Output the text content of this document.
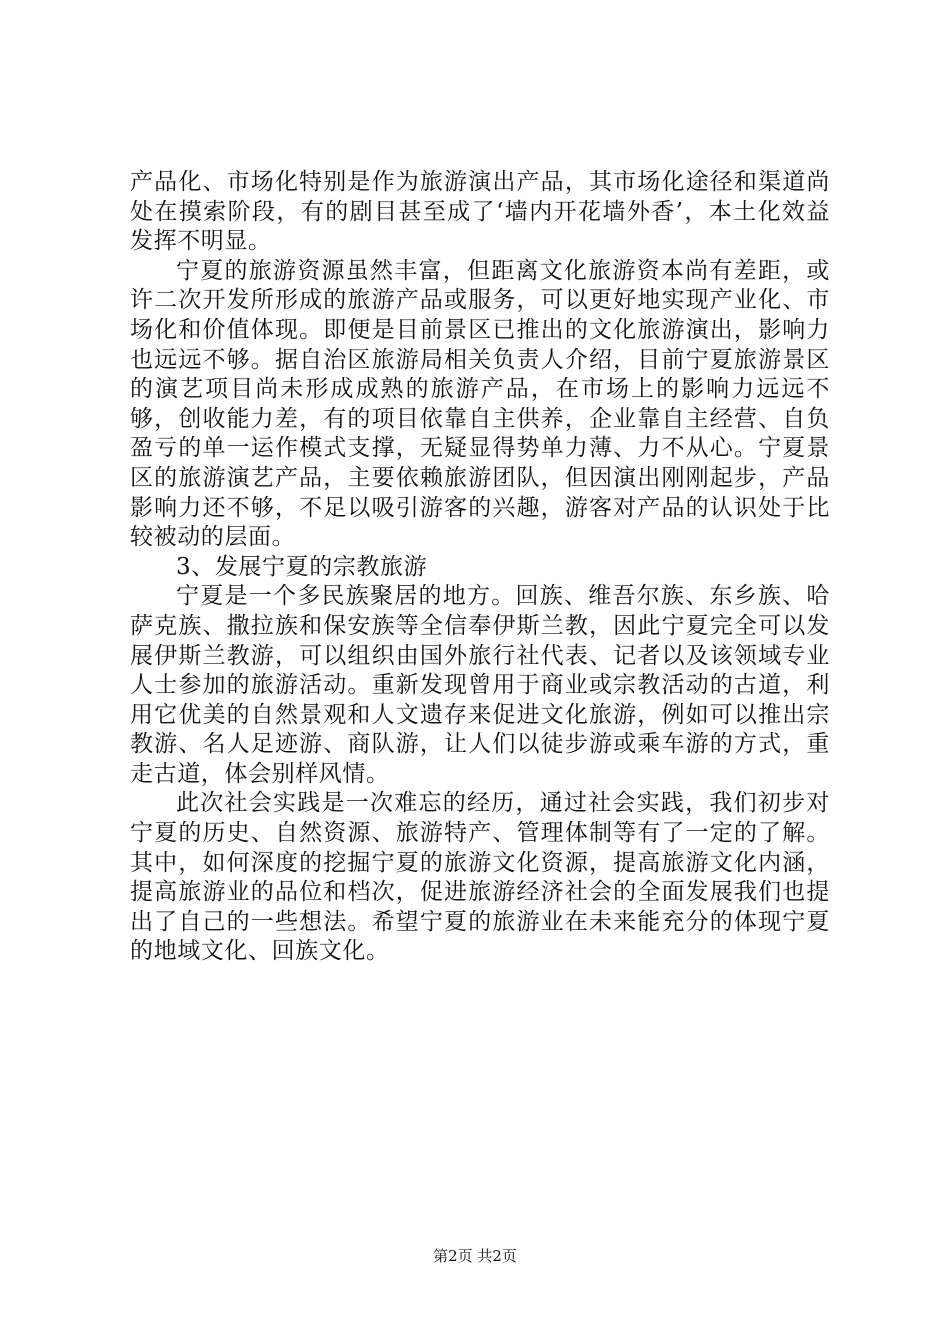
产品化、市场化特别是作为旅游演出产品，其市场化途径和渠道尚处在摸索阶段，有的剧目甚至成了‘墙内开花墙外香’，本土化效益发挥不明显。

宁夏的旅游资源虽然丰富，但距离文化旅游资本尚有差距，或许二次开发所形成的旅游产品或服务，可以更好地实现产业化、市场化和价值体现。即便是目前景区已推出的文化旅游演出，影响力也远远不够。据自治区旅游局相关负责人介绍，目前宁夏旅游景区的演艺项目尚未形成成熟的旅游产品，在市场上的影响力远远不够，创收能力差，有的项目依靠自主供养，企业靠自主经营、自负盈亏的单一运作模式支撑，无疑显得势单力薄、力不从心。宁夏景区的旅游演艺产品，主要依赖旅游团队，但因演出刚刚起步，产品影响力还不够，不足以吸引游客的兴趣，游客对产品的认识处于比较被动的层面。

3、发展宁夏的宗教旅游

宁夏是一个多民族聚居的地方。回族、维吾尔族、东乡族、哈萨克族、撒拉族和保安族等全信奉伊斯兰教，因此宁夏完全可以发展伊斯兰教游，可以组织由国外旅行社代表、记者以及该领域专业人士参加的旅游活动。重新发现曾用于商业或宗教活动的古道，利用它优美的自然景观和人文遗存来促进文化旅游，例如可以推出宗教游、名人足迹游、商队游，让人们以徒步游或乘车游的方式，重走古道，体会别样风情。

此次社会实践是一次难忘的经历，通过社会实践，我们初步对宁夏的历史、自然资源、旅游特产、管理体制等有了一定的了解。其中，如何深度的挖掘宁夏的旅游文化资源，提高旅游文化内涵，提高旅游业的品位和档次，促进旅游经济社会的全面发展我们也提出了自己的一些想法。希望宁夏的旅游业在未来能充分的体现宁夏的地域文化、回族文化。

第2页 共2页
